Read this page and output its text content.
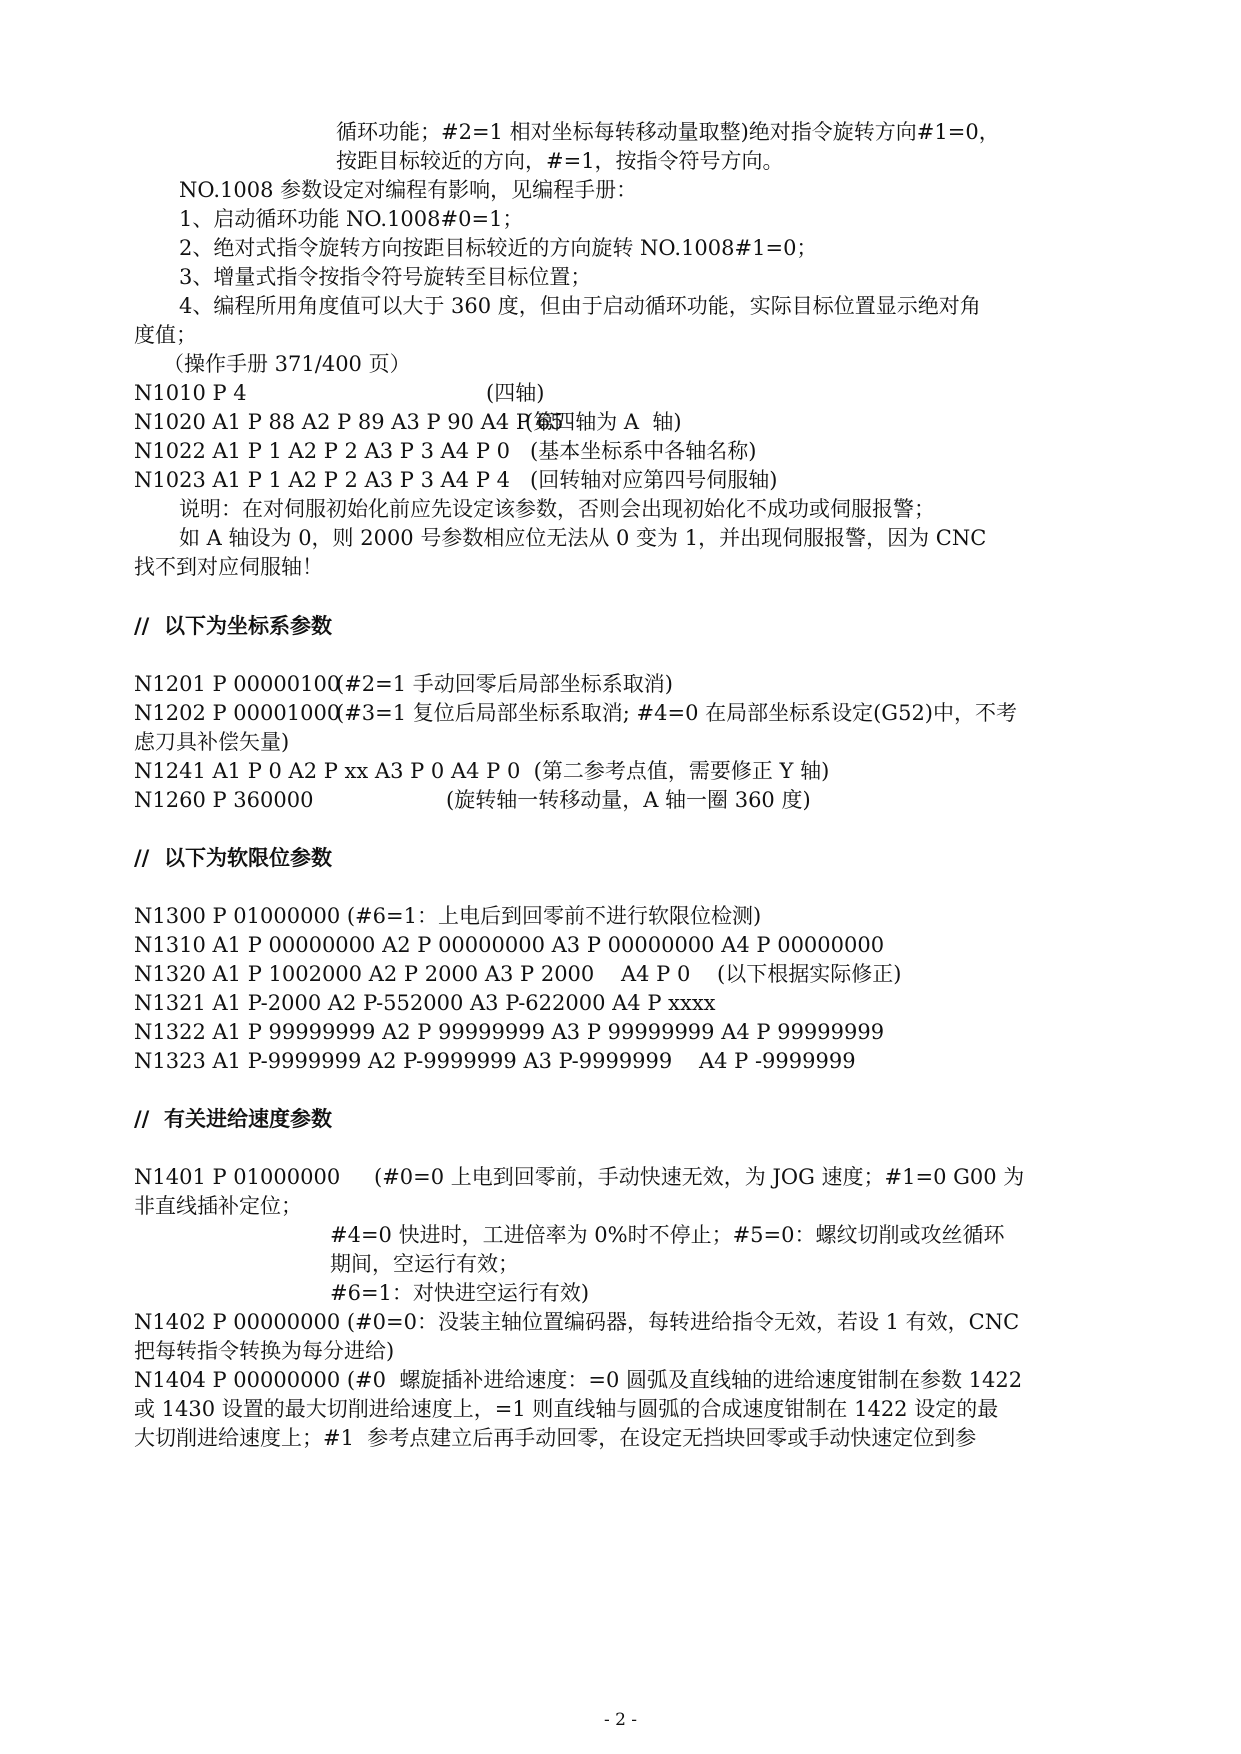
循环功能；#2=1 相对坐标每转移动量取整)绝对指令旋转方向#1=0，
按距目标较近的方向，#=1，按指令符号方向。
NO.1008 参数设定对编程有影响，见编程手册：
1、启动循环功能 NO.1008#0=1；
2、绝对式指令旋转方向按距目标较近的方向旋转 NO.1008#1=0；
3、增量式指令按指令符号旋转至目标位置；
4、编程所用角度值可以大于 360 度，但由于启动循环功能，实际目标位置显示绝对角
度值；
（操作手册 371/400 页）
N1010 P 4	(四轴)
N1020 A1 P 88 A2 P 89 A3 P 90 A4 P 65
(第四轴为 A  轴)
N1022 A1 P 1 A2 P 2 A3 P 3 A4 P 0 (基本坐标系中各轴名称)
N1023 A1 P 1 A2 P 2 A3 P 3 A4 P 4 (回转轴对应第四号伺服轴)
说明：在对伺服初始化前应先设定该参数，否则会出现初始化不成功或伺服报警；
如 A 轴设为 0，则 2000 号参数相应位无法从 0 变为 1，并出现伺服报警，因为 CNC
找不到对应伺服轴！
//  以下为坐标系参数
N1201 P 00000100
(#2=1 手动回零后局部坐标系取消)
N1202 P 00001000
(#3=1 复位后局部坐标系取消; #4=0 在局部坐标系设定(G52)中，不考
虑刀具补偿矢量)
N1241 A1 P 0 A2 P xx A3 P 0 A4 P 0  (第二参考点值，需要修正 Y 轴)
N1260 P 360000	(旋转轴一转移动量，A 轴一圈 360 度)
//  以下为软限位参数
N1300 P 01000000 (#6=1：上电后到回零前不进行软限位检测)
N1310 A1 P 00000000 A2 P 00000000 A3 P 00000000 A4 P 00000000
N1320 A1 P 1002000 A2 P 2000 A3 P 2000    A4 P 0    (以下根据实际修正)
N1321 A1 P-2000 A2 P-552000 A3 P-622000 A4 P xxxx
N1322 A1 P 99999999 A2 P 99999999 A3 P 99999999 A4 P 99999999
N1323 A1 P-9999999 A2 P-9999999 A3 P-9999999    A4 P -9999999
//  有关进给速度参数
N1401 P 01000000 (#0=0 上电到回零前，手动快速无效，为 JOG 速度；#1=0 G00 为
非直线插补定位；
#4=0 快进时，工进倍率为 0%时不停止；#5=0：螺纹切削或攻丝循环
期间，空运行有效；
#6=1：对快进空运行有效)
N1402 P 00000000 (#0=0：没装主轴位置编码器，每转进给指令无效，若设 1 有效，CNC
把每转指令转换为每分进给)
N1404 P 00000000 (#0  螺旋插补进给速度：=0 圆弧及直线轴的进给速度钳制在参数 1422
或 1430 设置的最大切削进给速度上，=1 则直线轴与圆弧的合成速度钳制在 1422 设定的最
大切削进给速度上；#1  参考点建立后再手动回零，在设定无挡块回零或手动快速定位到参
- 2 -
